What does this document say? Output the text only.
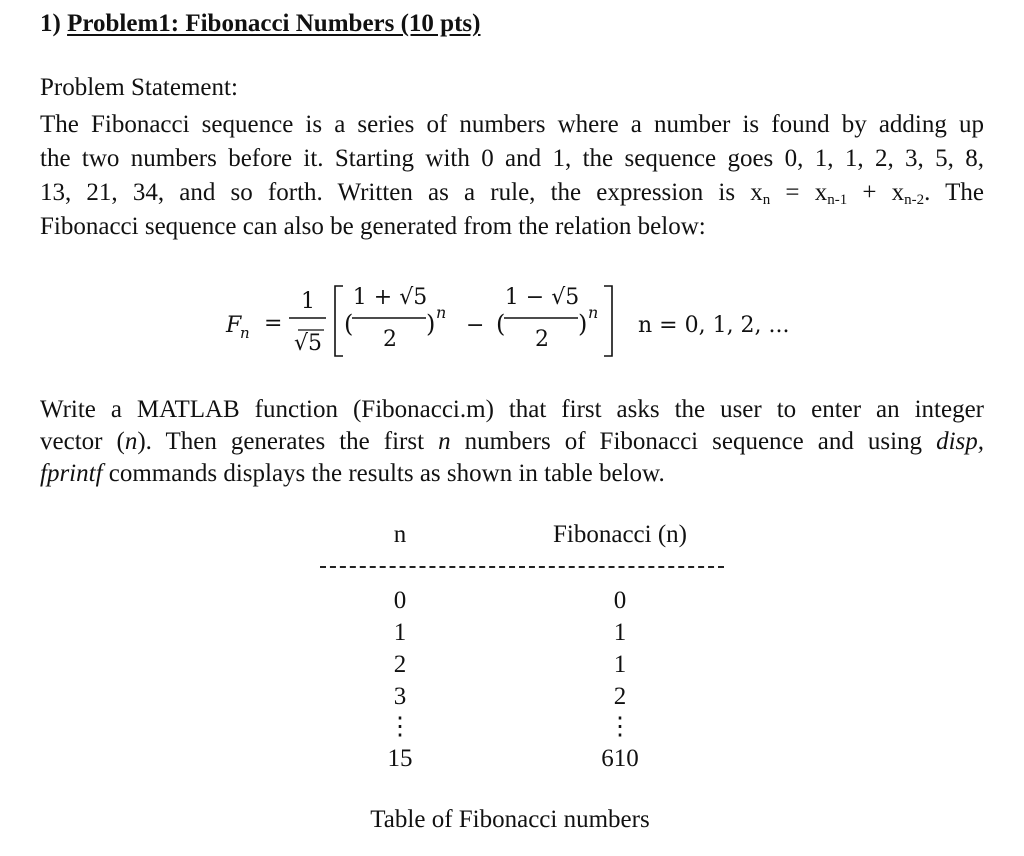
1) Problem1: Fibonacci Numbers (10 pts)
Problem Statement:
The Fibonacci sequence is a series of numbers where a number is found by adding up
the two numbers before it. Starting with 0 and 1, the sequence goes 0, 1, 1, 2, 3, 5, 8,
13, 21, 34, and so forth. Written as a rule, the expression is $x_n = x_{n-1} + x_{n-2}$. The
Fibonacci sequence can also be generated from the relation below:
F
n =
1
√5
(
1 + √5
2
) n
− (
1 − √5
2
) n
n = 0, 1, 2, ...
Write a MATLAB function (Fibonacci.m) that first asks the user to enter an integer
vector (n). Then generates the first n numbers of Fibonacci sequence and using disp,
fprintf commands displays the results as shown in table below.
n	Fibonacci (n)
0	0
1	1
2	1
3	2
⋮	⋮
15	610
Table of Fibonacci numbers
